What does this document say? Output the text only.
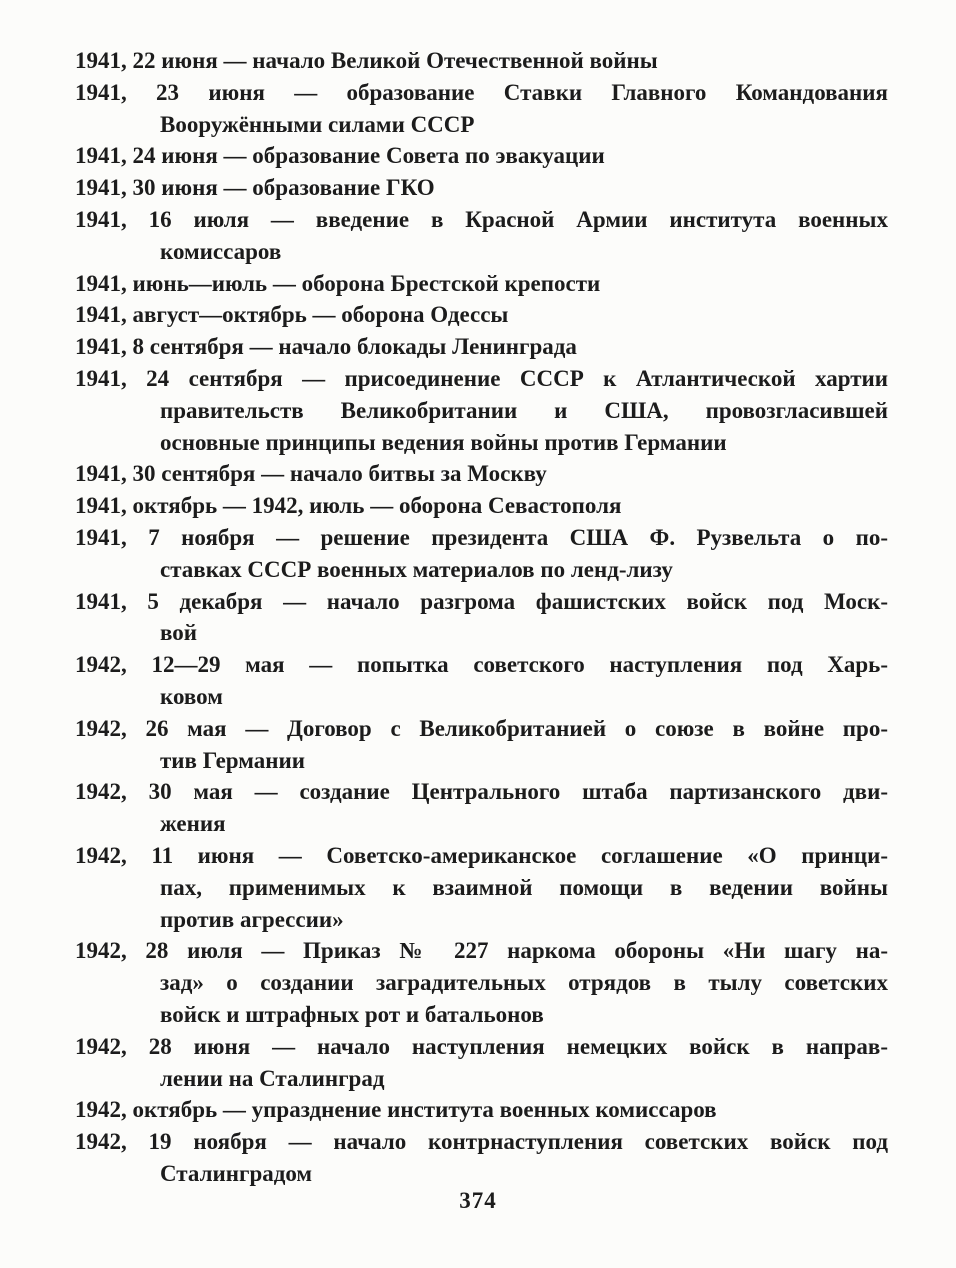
1941, 22 июня — начало Великой Отечественной войны
1941, 23 июня — образование Ставки Главного Командования
Вооружёнными силами СССР
1941, 24 июня — образование Совета по эвакуации
1941, 30 июня — образование ГКО
1941, 16 июля — введение в Красной Армии института военных
комиссаров
1941, июнь—июль — оборона Брестской крепости
1941, август—октябрь — оборона Одессы
1941, 8 сентября — начало блокады Ленинграда
1941, 24 сентября — присоединение СССР к Атлантической хартии
правительств Великобритании и США, провозгласившей
основные принципы ведения войны против Германии
1941, 30 сентября — начало битвы за Москву
1941, октябрь — 1942, июль — оборона Севастополя
1941, 7 ноября — решение президента США Ф. Рузвельта о по-
ставках СССР военных материалов по ленд-лизу
1941, 5 декабря — начало разгрома фашистских войск под Моск-
вой
1942, 12—29 мая — попытка советского наступления под Харь-
ковом
1942, 26 мая — Договор с Великобританией о союзе в войне про-
тив Германии
1942, 30 мая — создание Центрального штаба партизанского дви-
жения
1942, 11 июня — Советско-американское соглашение «О принци-
пах, применимых к взаимной помощи в ведении войны
против агрессии»
1942, 28 июля — Приказ № 227 наркома обороны «Ни шагу на-
зад» о создании заградительных отрядов в тылу советских
войск и штрафных рот и батальонов
1942, 28 июня — начало наступления немецких войск в направ-
лении на Сталинград
1942, октябрь — упразднение института военных комиссаров
1942, 19 ноября — начало контрнаступления советских войск под
Сталинградом
374
